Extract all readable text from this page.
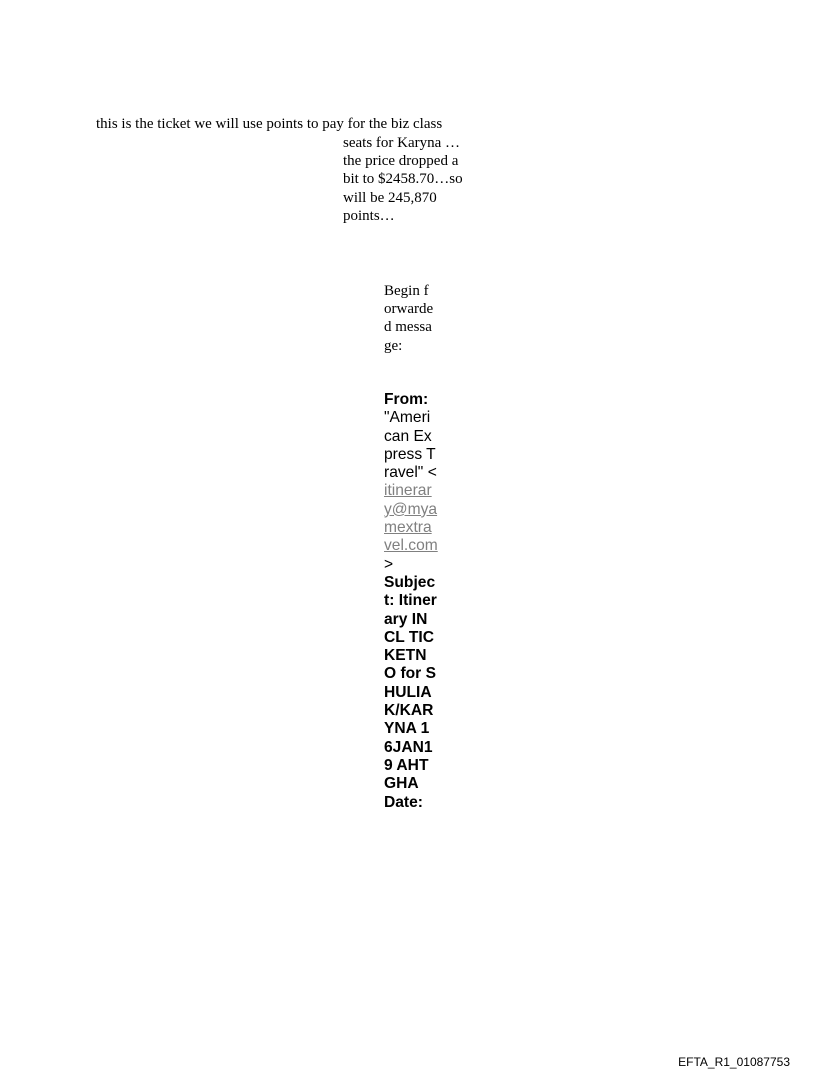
this is the ticket we will use points to pay for the biz class
seats for Karyna …the price dropped a bit to $2458.70…so will be 245,870 points…
Begin forwarded message:
From: "American Express Travel" <itinerary@myamextravel.com>
Subject: Itinerary INCL TICKETNO for SHULIAK/KARYNA 16JAN19 AHTGHA
Date:
EFTA_R1_01087753
